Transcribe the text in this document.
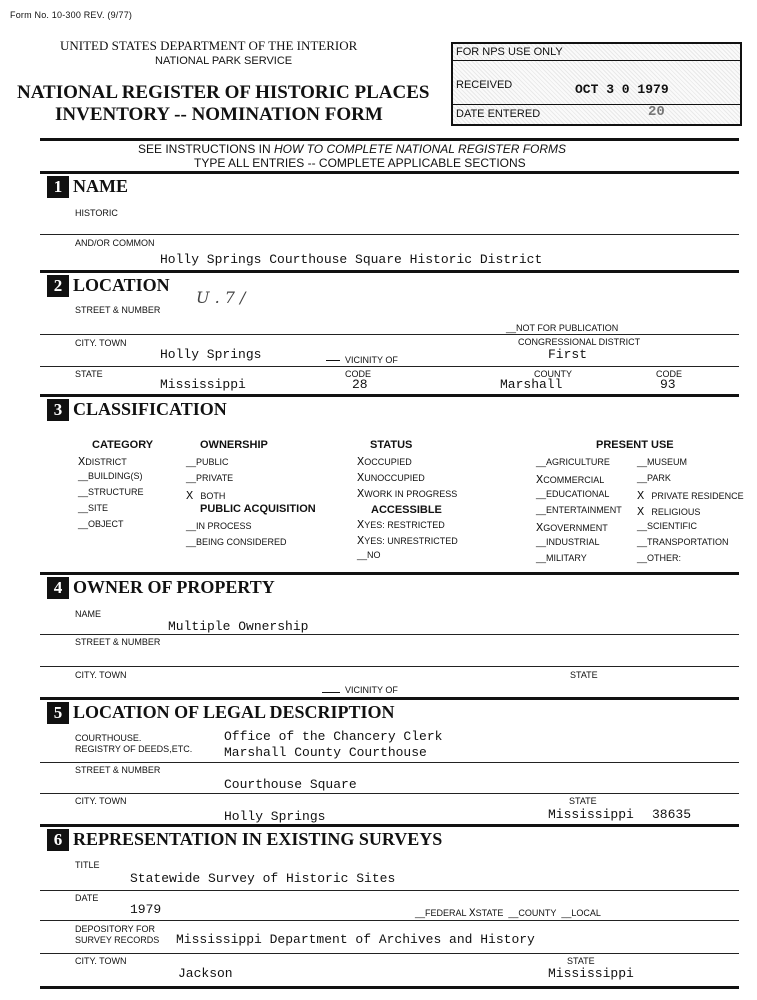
Form No. 10-300 REV. (9/77)
UNITED STATES DEPARTMENT OF THE INTERIOR
NATIONAL PARK SERVICE
NATIONAL REGISTER OF HISTORIC PLACES
INVENTORY -- NOMINATION FORM
FOR NPS USE ONLY
RECEIVED	OCT 3 0 1979
DATE ENTERED	20
SEE INSTRUCTIONS IN HOW TO COMPLETE NATIONAL REGISTER FORMS
TYPE ALL ENTRIES -- COMPLETE APPLICABLE SECTIONS
1 NAME
HISTORIC
AND/OR COMMON
Holly Springs Courthouse Square Historic District
2 LOCATION
U . 7 /
STREET & NUMBER
__NOT FOR PUBLICATION
CITY. TOWN	CONGRESSIONAL DISTRICT
Holly Springs	VICINITY OF	First
STATE	CODE	COUNTY	CODE
Mississippi	28	Marshall	93
3 CLASSIFICATION
CATEGORY	OWNERSHIP	STATUS	PRESENT USE
PUBLIC ACQUISITION	ACCESSIBLE
XDISTRICT
__BUILDING(S)
__STRUCTURE
__SITE
__OBJECT
__PUBLIC
__PRIVATE
X BOTH
__IN PROCESS
__BEING CONSIDERED
XOCCUPIED
XUNOCCUPIED
XWORK IN PROGRESS
XYES: RESTRICTED
XYES: UNRESTRICTED
__NO
__AGRICULTURE
XCOMMERCIAL
__EDUCATIONAL
__ENTERTAINMENT
XGOVERNMENT
__INDUSTRIAL
__MILITARY
__MUSEUM
__PARK
X PRIVATE RESIDENCE
X RELIGIOUS
__SCIENTIFIC
__TRANSPORTATION
__OTHER:
4 OWNER OF PROPERTY
NAME
Multiple Ownership
STREET & NUMBER
CITY. TOWN	STATE
VICINITY OF
5 LOCATION OF LEGAL DESCRIPTION
COURTHOUSE.
REGISTRY OF DEEDS,ETC.
Office of the Chancery Clerk
Marshall County Courthouse
STREET & NUMBER
Courthouse Square
CITY. TOWN	STATE
Holly Springs	Mississippi 38635
6 REPRESENTATION IN EXISTING SURVEYS
TITLE
Statewide Survey of Historic Sites
DATE
1979	__FEDERAL XSTATE __COUNTY __LOCAL
DEPOSITORY FOR
SURVEY RECORDS Mississippi Department of Archives and History
CITY. TOWN	STATE
Jackson	Mississippi
